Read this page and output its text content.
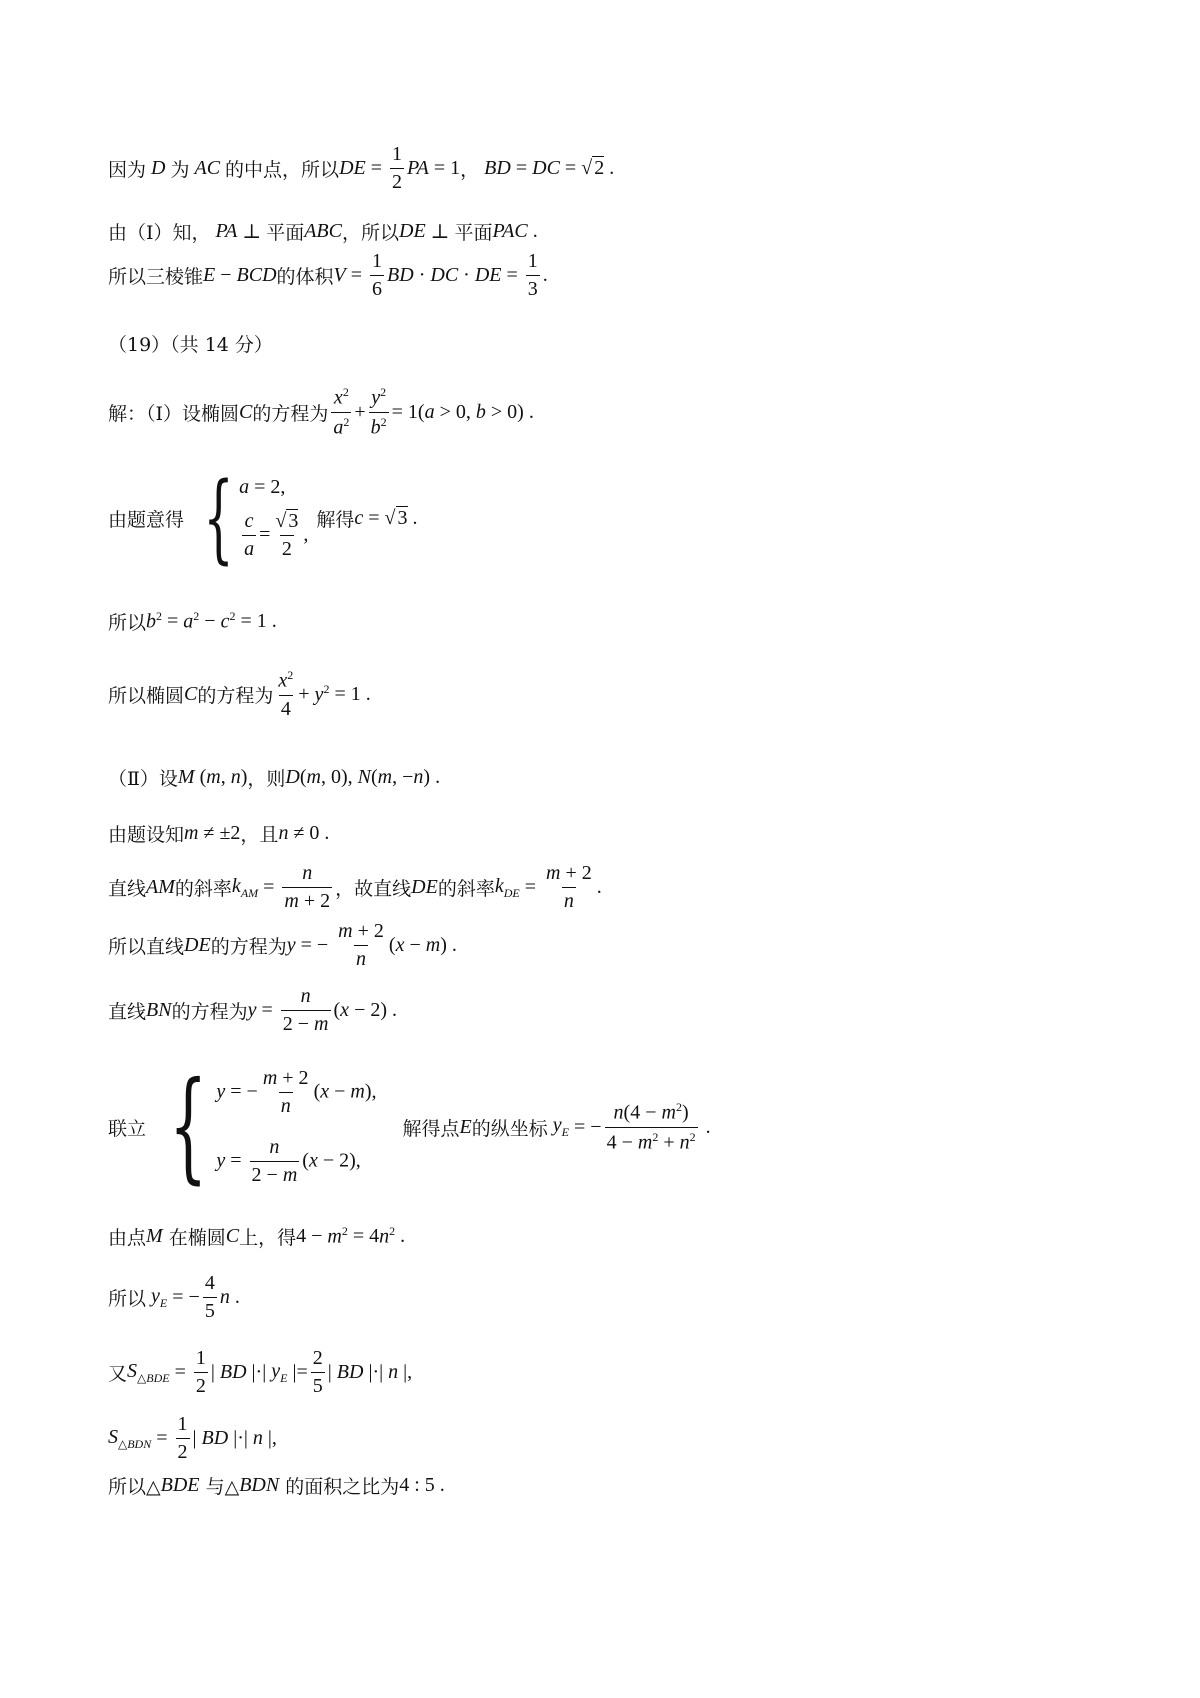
因为 D 为 AC 的中点，所以 DE = $\frac{1}{2}$ PA = 1 ， BD = DC = √ 2 .
由（I）知， PA ⊥ 平面 ABC ，所以 DE ⊥ 平面 PAC .
所以三棱锥 E − BCD 的体积 $V = \frac{1}{6}$ BD · DC · DE = $\frac{1}{3}$ .
（19）（共 14 分）
解：（Ⅰ）设椭圆 C 的方程为 $\frac{x^2}{a^2} + \frac{y^2}{b^2} = 1$( a > 0, b > 0) .
由题意得 { a = 2,
$\frac{c}{a} = \frac{√ 3}{2}$ ,
解得 c = √ 3 .
所以 $b^2 = a^2 - c^2 = 1$ .
所以椭圆 C 的方程为 $\frac{x^2}{4} + y^2 = 1$ .
（Ⅱ）设 M ( m , n ) ，则 D ( m , 0), N ( m , − n ) .
由题设知 m ≠ ±2 ，且 n ≠ 0 .
直线 AM 的斜率 $k_{AM} = \frac{n}{m + 2}$ ，故直线 DE 的斜率 $k_{DE} = \frac{m + 2}{n}$ .
所以直线 DE 的方程为 y = − $\frac{m + 2}{n}$ ( x − m ) .
直线 BN 的方程为 $y = \frac{n}{2 - m}$ ( x − 2) .
联立 { y = − $\frac{m + 2}{n} (x - m)$,
$y = \frac{n}{2 - m} (x - 2)$,
解得点 E 的纵坐标 $y_E$ = − $\frac{n(4 - m^2)}{4 - m^2 + n^2}$ .
由点 M
在椭圆 C 上，得 $4 - m^2 = 4$ $n^2$ .
所以 $y_E$ = − $\frac{4}{5}$ n .
又 $S_{\triangle BDE} = \frac{1}{2}$ | BD |·| $y_E$ |= $\frac{2}{5}$ | BD |·| n |,
$S_{\triangle BDN} = \frac{1}{2}$ | BD |·| n |,
所以△ BDE
与△ BDN
的面积之比为 4 : 5 .
